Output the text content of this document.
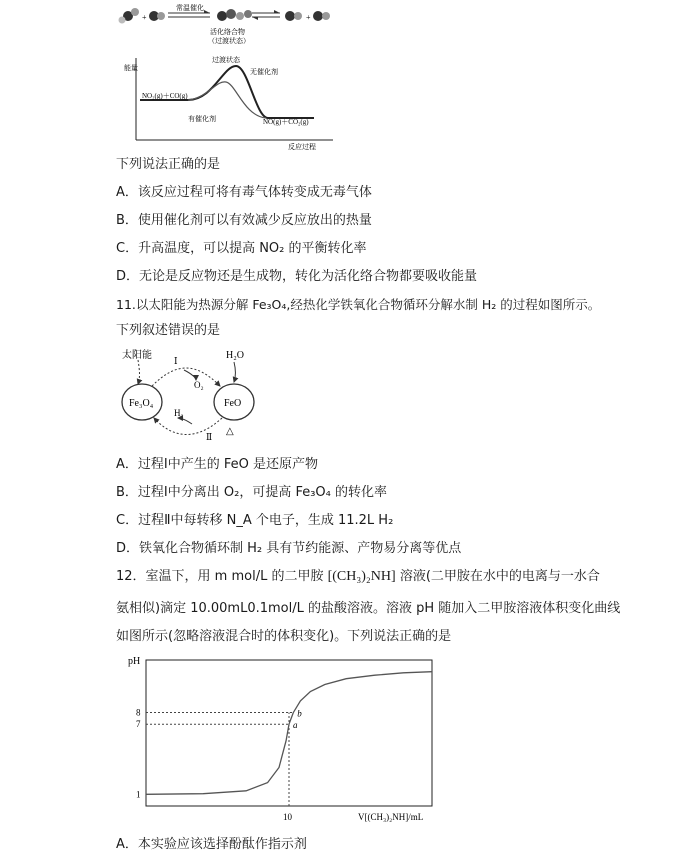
+
常温催化
+
活化络合物
（过渡状态）
能量
反应过程
过渡状态
无催化剂
NO₂(g)＋CO(g)
有催化剂	NO(g)＋CO₂(g)
下列说法正确的是
A．该反应过程可将有毒气体转变成无毒气体
B．使用催化剂可以有效减少反应放出的热量
C．升高温度，可以提高 NO₂ 的平衡转化率
D．无论是反应物还是生成物，转化为活化络合物都要吸收能量
11.以太阳能为热源分解 Fe₃O₄,经热化学铁氧化合物循环分解水制 H₂ 的过程如图所示。
下列叙述错误的是
太阳能	H₂O
Ⅰ
O₂
Fe₃O₄	FeO
H₂
Ⅱ △
A．过程Ⅰ中产生的 FeO 是还原产物
B．过程Ⅰ中分离出 O₂，可提高 Fe₃O₄ 的转化率
C．过程Ⅱ中每转移 N_A 个电子，生成 11.2L H₂
D．铁氧化合物循环制 H₂ 具有节约能源、产物易分离等优点
12．室温下，用 m mol/L 的二甲胺 [(CH₃)₂NH] 溶液(二甲胺在水中的电离与一水合
氨相似)滴定 10.00mL0.1mol/L 的盐酸溶液。溶液 pH 随加入二甲胺溶液体积变化曲线
如图所示(忽略溶液混合时的体积变化)。下列说法正确的是
pH
V[(CH₃)₂NH]/mL
1
7
8
10
a
b
A．本实验应该选择酚酞作指示剂
